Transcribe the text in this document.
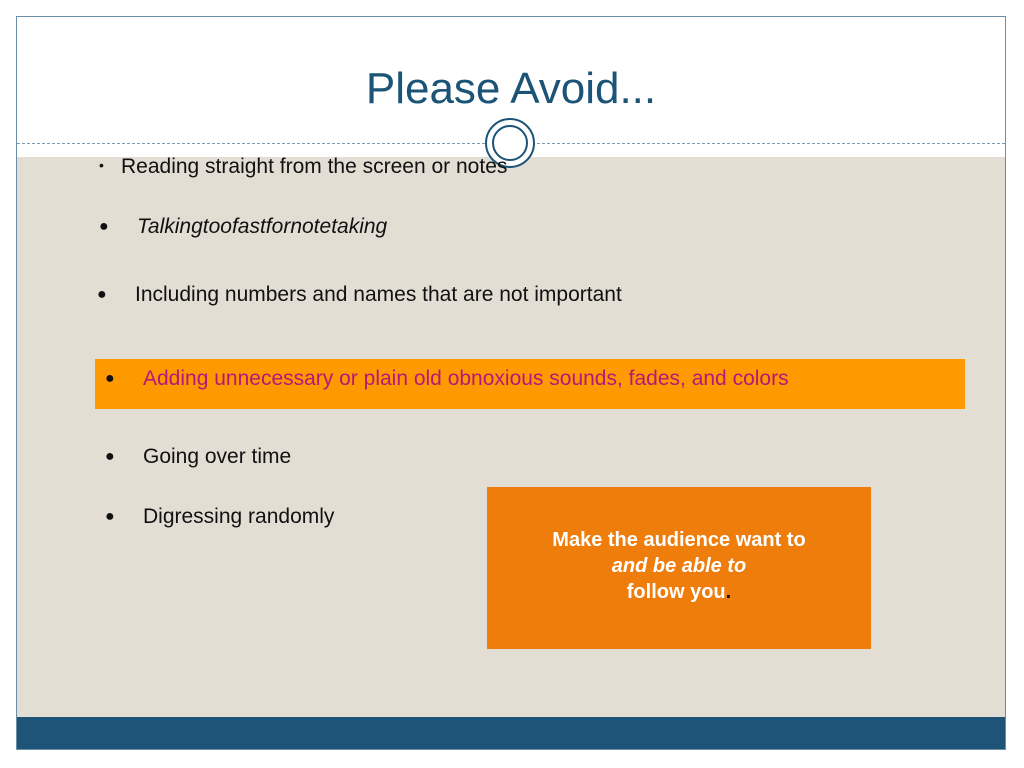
Please Avoid...
• Reading straight from the screen or notes
● Talkingtoofastfornotetaking
● Including numbers and names that are not important
● Adding unnecessary or plain old obnoxious sounds, fades, and colors
● Going over time
● Digressing randomly
Make the audience want to
and be able to
follow you.
